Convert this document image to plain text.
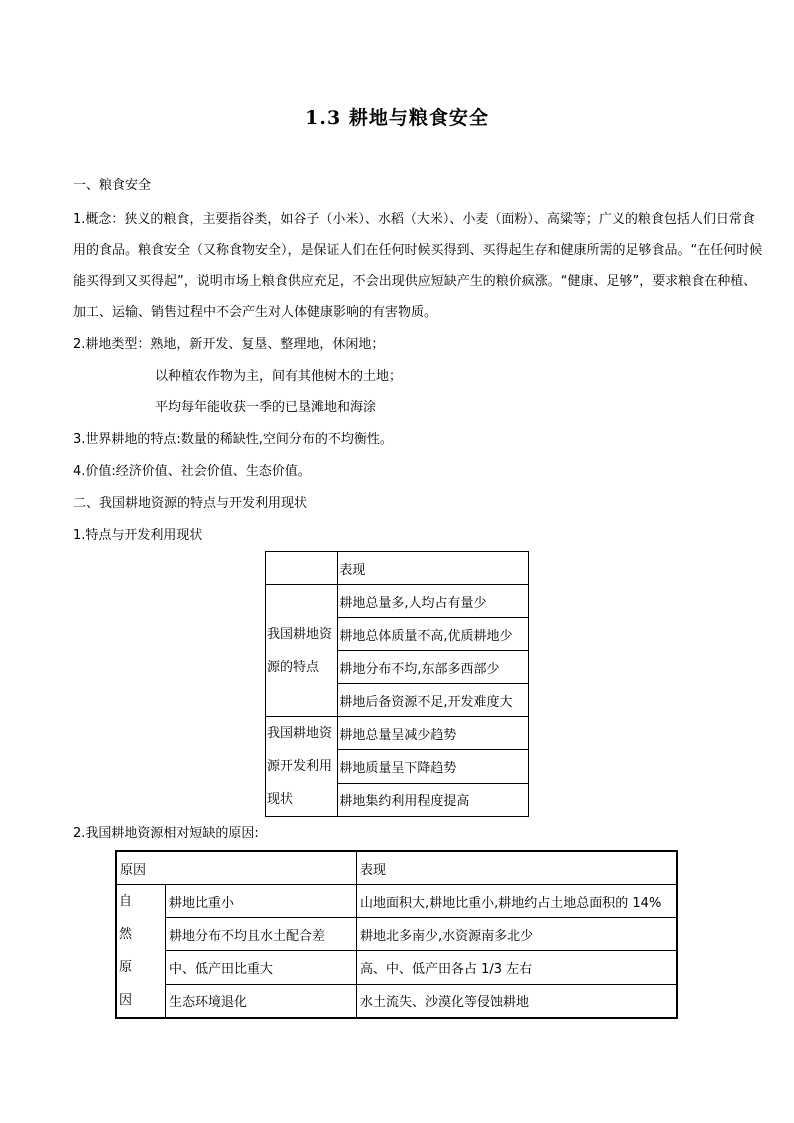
1.3 耕地与粮食安全
一、粮食安全
1.概念：狭义的粮食，主要指谷类，如谷子（小米）、水稻（大米）、小麦（面粉）、高粱等；广义的粮食包括人们日常食用的食品。粮食安全（又称食物安全），是保证人们在任何时候买得到、买得起生存和健康所需的足够食品。“在任何时候能买得到又买得起”，说明市场上粮食供应充足，不会出现供应短缺产生的粮价疯涨。“健康、足够”，要求粮食在种植、加工、运输、销售过程中不会产生对人体健康影响的有害物质。
2.耕地类型：熟地，新开发、复垦、整理地，休闲地；
以种植农作物为主，间有其他树木的土地；
平均每年能收获一季的已垦滩地和海涂
3.世界耕地的特点:数量的稀缺性,空间分布的不均衡性。
4.价值:经济价值、社会价值、生态价值。
二、我国耕地资源的特点与开发利用现状
1.特点与开发利用现状
	表现
我国耕地资源的特点	耕地总量多,人均占有量少
	耕地总体质量不高,优质耕地少
	耕地分布不均,东部多西部少
	耕地后备资源不足,开发难度大
我国耕地资源开发利用现状	耕地总量呈减少趋势
	耕地质量呈下降趋势
	耕地集约利用程度提高
2.我国耕地资源相对短缺的原因:
原因		表现
自然原因	耕地比重小	山地面积大,耕地比重小,耕地约占土地总面积的 14%
	耕地分布不均且水土配合差	耕地北多南少,水资源南多北少
	中、低产田比重大	高、中、低产田各占 1/3 左右
	生态环境退化	水土流失、沙漠化等侵蚀耕地
